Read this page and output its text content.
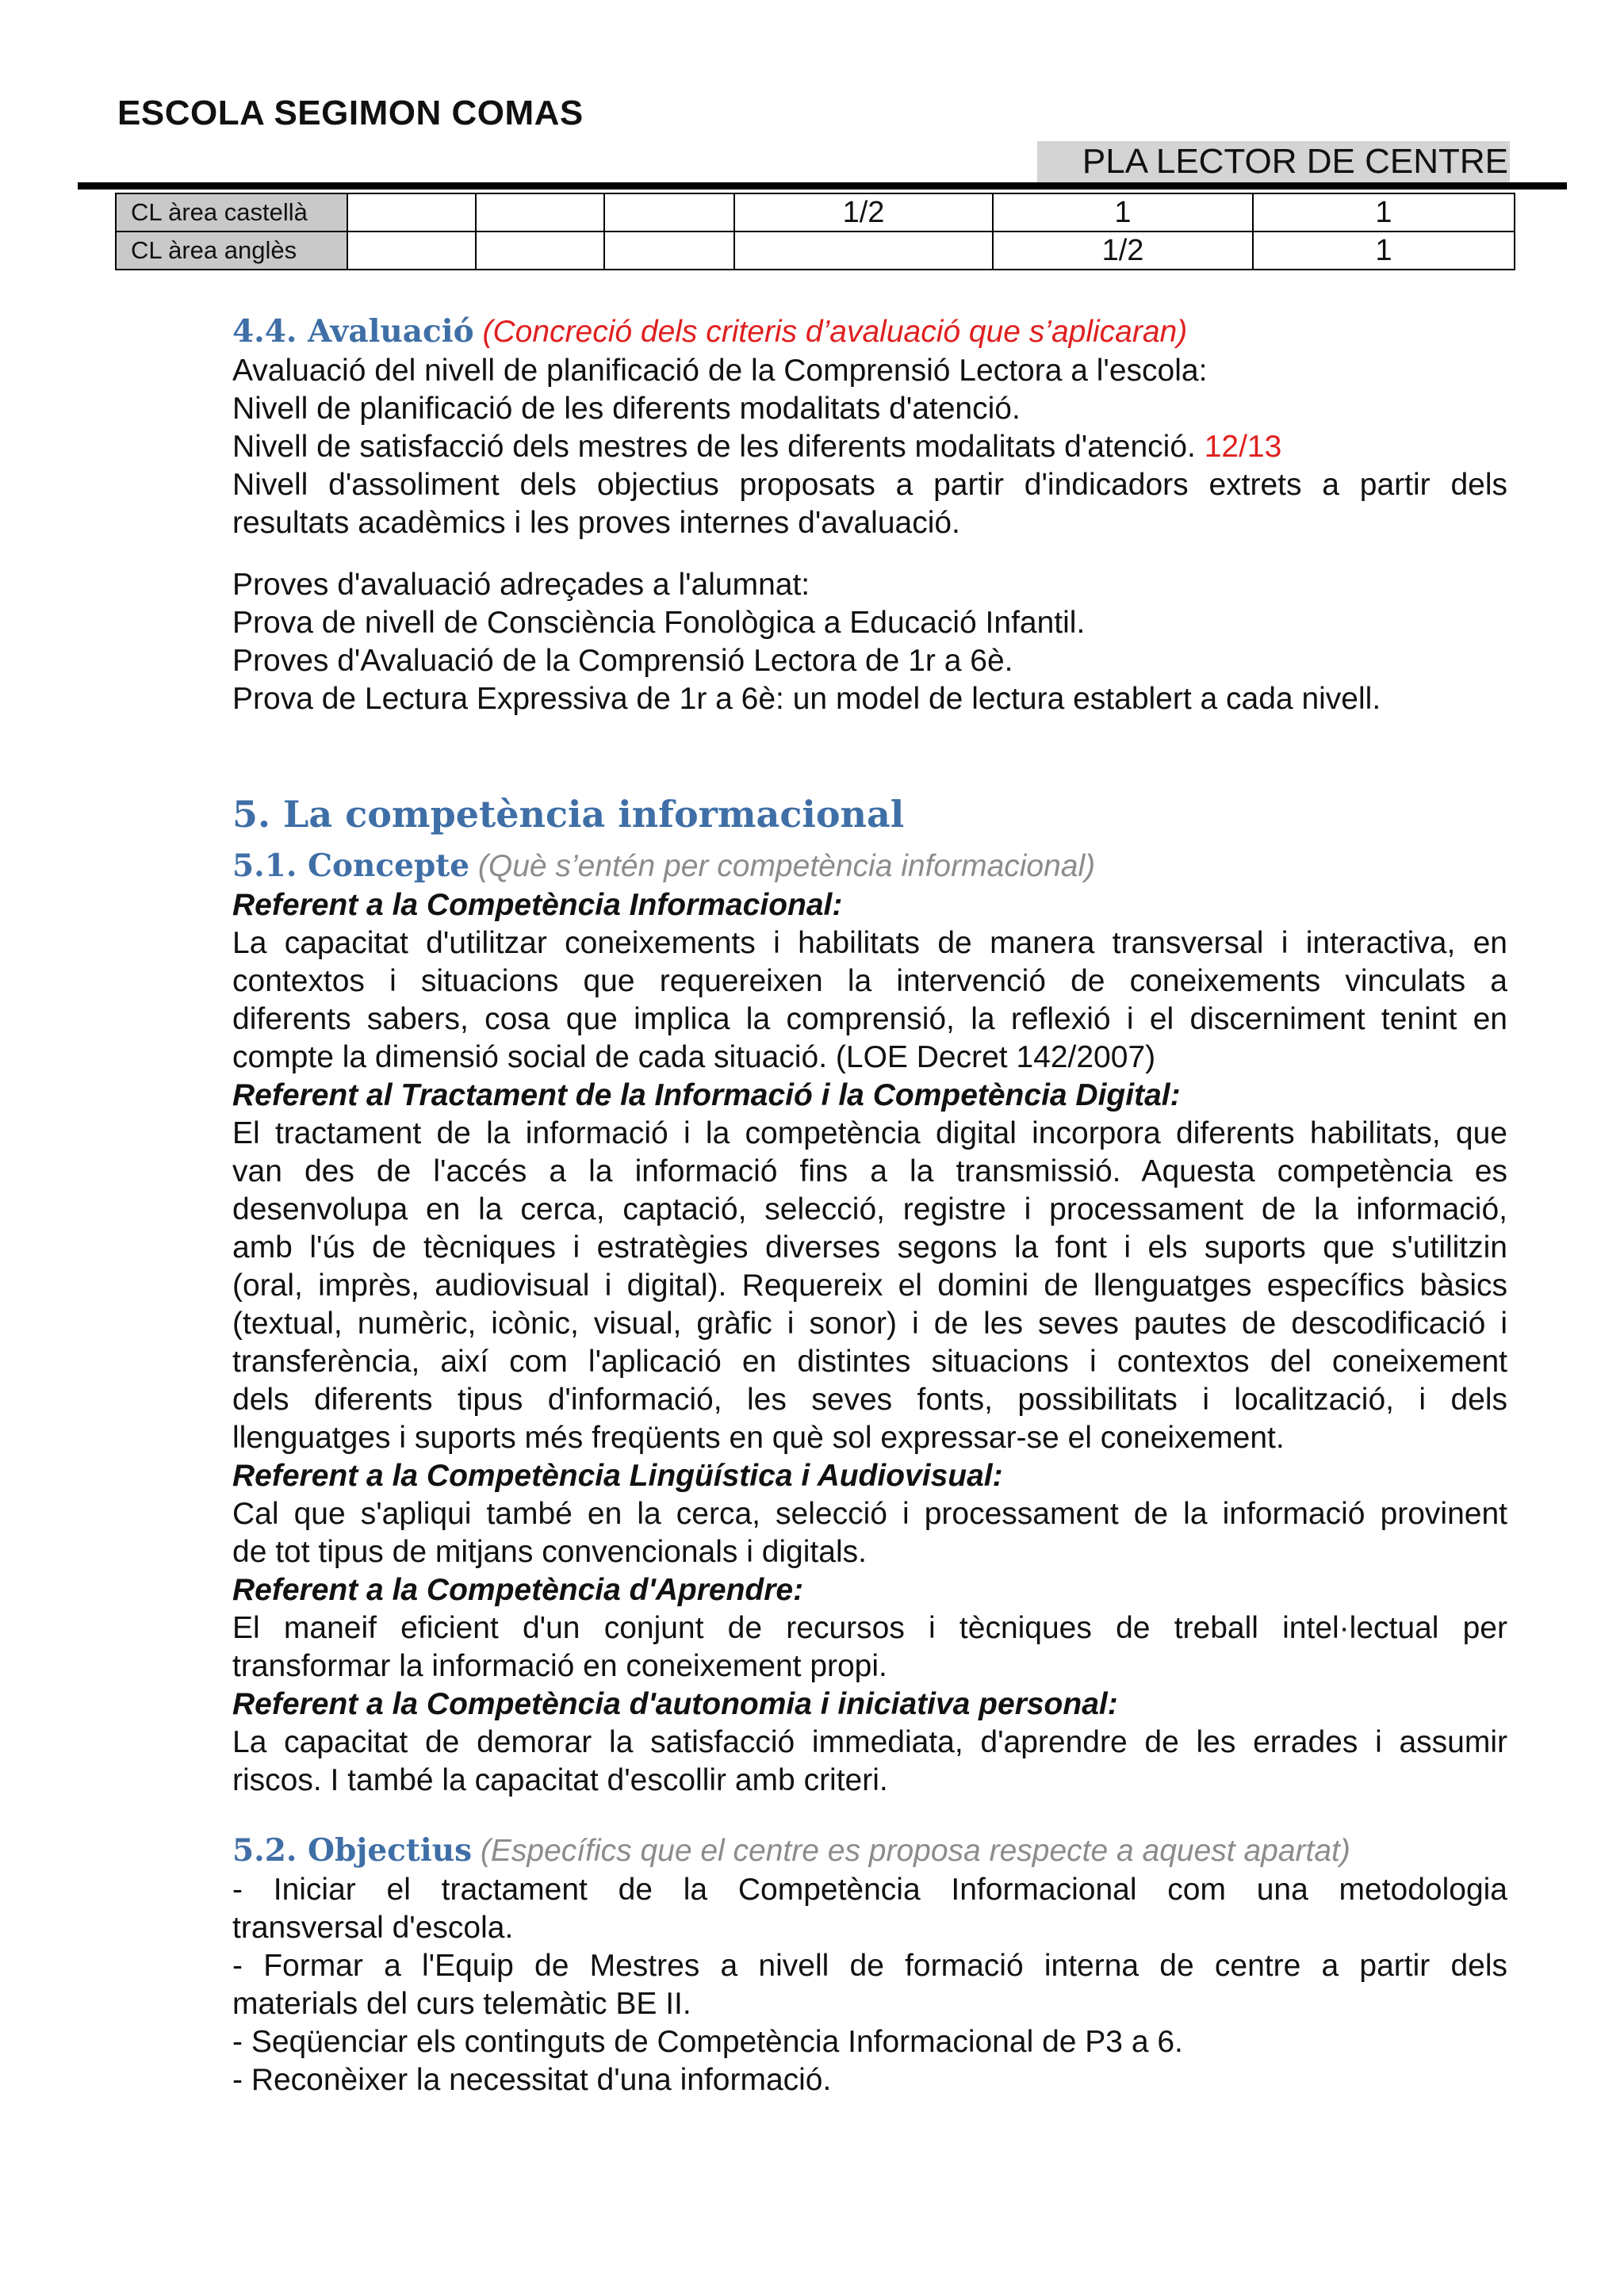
ESCOLA SEGIMON COMAS
PLA LECTOR DE CENTRE
CL àrea castellà				1/2	1	1
CL àrea anglès					1/2	1
4.4. Avaluació (Concreció dels criteris d’avaluació que s’aplicaran)
Avaluació del nivell de planificació de la Comprensió Lectora a l'escola:
Nivell de planificació de les diferents modalitats d'atenció.
Nivell de satisfacció dels mestres de les diferents modalitats d'atenció. 12/13
Nivell d'assoliment dels objectius proposats a partir d'indicadors extrets a partir dels
resultats acadèmics i les proves internes d'avaluació.
Proves d'avaluació adreçades a l'alumnat:
Prova de nivell de Consciència Fonològica a Educació Infantil.
Proves d'Avaluació de la Comprensió Lectora de 1r a 6è.
Prova de Lectura Expressiva de 1r a 6è: un model de lectura establert a cada nivell.
5. La competència informacional
5.1. Concepte (Què s’entén per competència informacional)
Referent a la Competència Informacional:
La capacitat d'utilitzar coneixements i habilitats de manera transversal i interactiva, en
contextos i situacions que requereixen la intervenció de coneixements vinculats a
diferents sabers, cosa que implica la comprensió, la reflexió i el discerniment tenint en
compte la dimensió social de cada situació. (LOE Decret 142/2007)
Referent al Tractament de la Informació i la Competència Digital:
El tractament de la informació i la competència digital incorpora diferents habilitats, que
van des de l'accés a la informació fins a la transmissió. Aquesta competència es
desenvolupa en la cerca, captació, selecció, registre i processament de la informació,
amb l'ús de tècniques i estratègies diverses segons la font i els suports que s'utilitzin
(oral, imprès, audiovisual i digital). Requereix el domini de llenguatges específics bàsics
(textual, numèric, icònic, visual, gràfic i sonor) i de les seves pautes de descodificació i
transferència, així com l'aplicació en distintes situacions i contextos del coneixement
dels diferents tipus d'informació, les seves fonts, possibilitats i localització, i dels
llenguatges i suports més freqüents en què sol expressar-se el coneixement.
Referent a la Competència Lingüística i Audiovisual:
Cal que s'apliqui també en la cerca, selecció i processament de la informació provinent
de tot tipus de mitjans convencionals i digitals.
Referent a la Competència d'Aprendre:
El maneif eficient d'un conjunt de recursos i tècniques de treball intel·lectual per
transformar la informació en coneixement propi.
Referent a la Competència d'autonomia i iniciativa personal:
La capacitat de demorar la satisfacció immediata, d'aprendre de les errades i assumir
riscos. I també la capacitat d'escollir amb criteri.
5.2. Objectius (Específics que el centre es proposa respecte a aquest apartat)
- Iniciar el tractament de la Competència Informacional com una metodologia
transversal d'escola.
- Formar a l'Equip de Mestres a nivell de formació interna de centre a partir dels
materials del curs telemàtic BE II.
- Seqüenciar els continguts de Competència Informacional de P3 a 6.
- Reconèixer la necessitat d'una informació.
